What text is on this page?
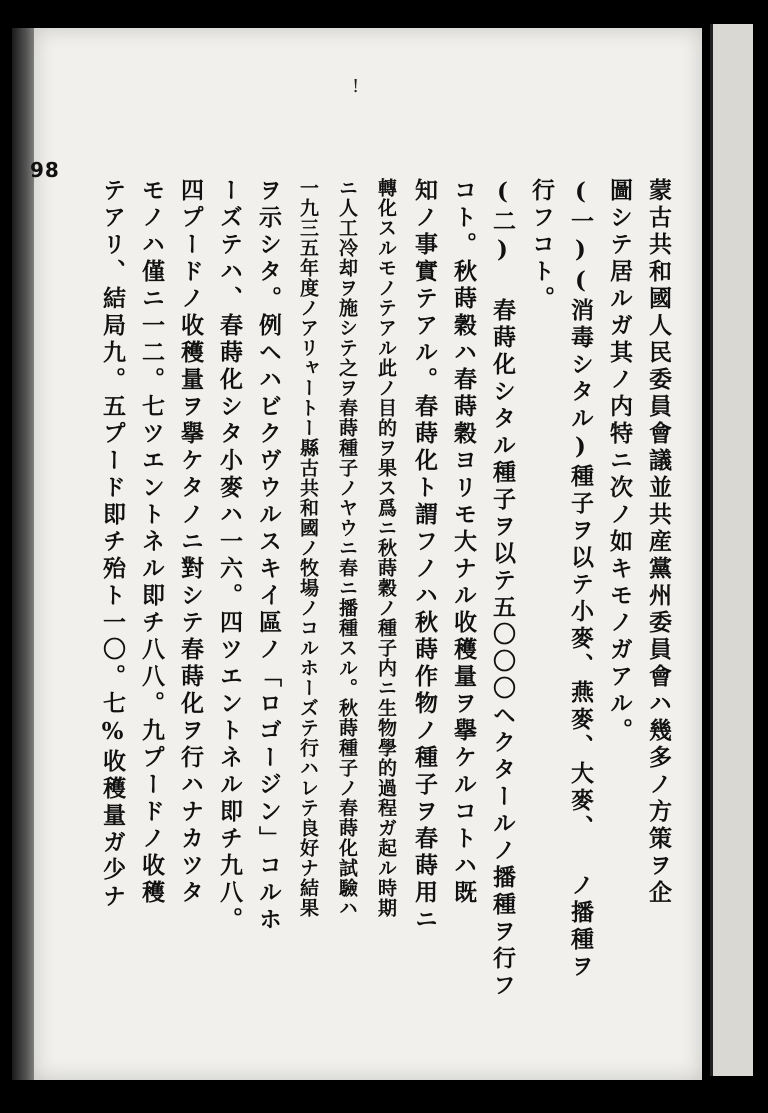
98
!
蒙古共和國人民委員會議並共産黨州委員會ハ幾多ノ方策ヲ企
圖シテ居ルガ其ノ内特ニ次ノ如キモノガアル。
(一)(消毒シタル)種子ヲ以テ小麥、燕麥、大麥、 ノ播種ヲ
行フコト。
(二) 春蒔化シタル種子ヲ以テ五〇〇〇ヘクタールノ播種ヲ行フ
コト。秋蒔穀ハ春蒔穀ヨリモ大ナル收穫量ヲ擧ケルコトハ既
知ノ事實テアル。春蒔化ト謂フノハ秋蒔作物ノ種子ヲ春蒔用ニ
轉化スルモノテアル此ノ目的ヲ果ス爲ニ秋蒔穀ノ種子内ニ生物學的過程ガ起ル時期
ニ人工冷却ヲ施シテ之ヲ春蒔種子ノヤウニ春ニ播種スル。秋蒔種子ノ春蒔化試驗ハ
一九三五年度ノアリャートー縣古共和國ノ牧場ノコルホーズテ行ハレテ良好ナ結果
ヲ示シタ。例ヘハビクヴウルスキイ區ノ「ロゴージン」コルホ
ーズテハ、春蒔化シタ小麥ハ一六。四ツエントネル即チ九八。
四プードノ收穫量ヲ擧ケタノニ對シテ春蒔化ヲ行ハナカツタ
モノハ僅ニ一二。七ツエントネル即チ八八。九プードノ收穫
テアリ、結局九。五プード即チ殆ト一〇。七%收穫量ガ少ナ
